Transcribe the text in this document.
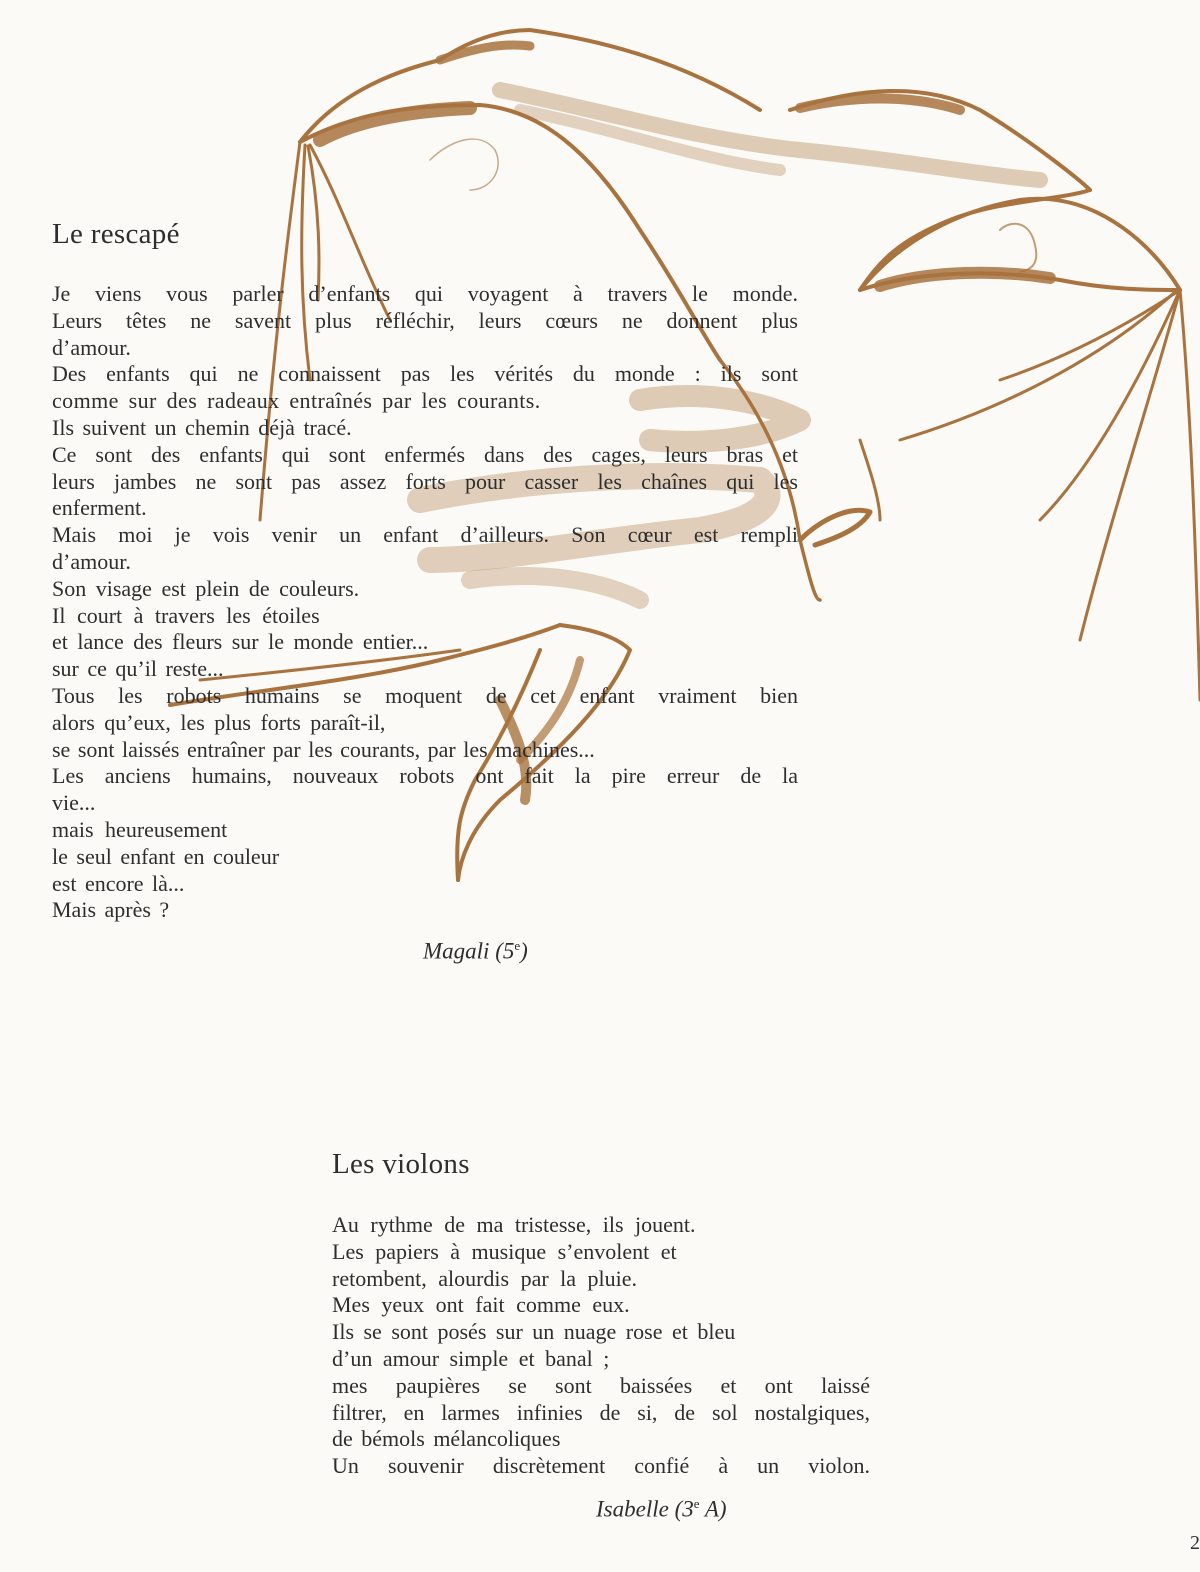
Le rescapé
Je viens vous parler d’enfants qui voyagent à travers le monde.
Leurs têtes ne savent plus réfléchir, leurs cœurs ne donnent plus
d’amour.
Des enfants qui ne connaissent pas les vérités du monde : ils sont
comme sur des radeaux entraînés par les courants.
Ils suivent un chemin déjà tracé.
Ce sont des enfants qui sont enfermés dans des cages, leurs bras et
leurs jambes ne sont pas assez forts pour casser les chaînes qui les
enferment.
Mais moi je vois venir un enfant d’ailleurs. Son cœur est rempli
d’amour.
Son visage est plein de couleurs.
Il court à travers les étoiles
et lance des fleurs sur le monde entier...
sur ce qu’il reste...
Tous les robots humains se moquent de cet enfant vraiment bien
alors qu’eux, les plus forts paraît-il,
se sont laissés entraîner par les courants, par les machines...
Les anciens humains, nouveaux robots ont fait la pire erreur de la
vie...
mais heureusement
le seul enfant en couleur
est encore là...
Mais après ?
Magali (5e)
Les violons
Au rythme de ma tristesse, ils jouent.
Les papiers à musique s’envolent et
retombent, alourdis par la pluie.
Mes yeux ont fait comme eux.
Ils se sont posés sur un nuage rose et bleu
d’un amour simple et banal ;
mes paupières se sont baissées et ont laissé
filtrer, en larmes infinies de si, de sol nostalgiques,
de bémols mélancoliques
Un souvenir discrètement confié à un violon.
Isabelle (3e A)
2
